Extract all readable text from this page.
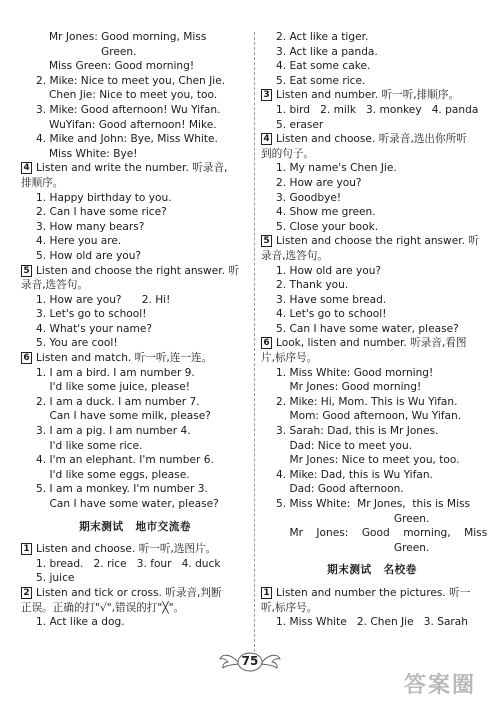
Mr Jones: Good morning, Miss
Green.
Miss Green: Good morning!
2. Mike: Nice to meet you, Chen Jie.
Chen Jie: Nice to meet you, too.
3. Mike: Good afternoon! Wu Yifan.
WuYifan: Good afternoon! Mike.
4. Mike and John: Bye, Miss White.
Miss White: Bye!
4 Listen and write the number. 听录音,
排顺序。
1. Happy birthday to you.
2. Can I have some rice?
3. How many bears?
4. Here you are.
5. How old are you?
5 Listen and choose the right answer. 听
录音,选答句。
1. How are you?      2. Hi!
3. Let's go to school!
4. What's your name?
5. You are cool!
6 Listen and match. 听一听,连一连。
1. I am a bird. I am number 9.
I'd like some juice, please!
2. I am a duck. I am number 7.
Can I have some milk, please?
3. I am a pig. I am number 4.
I'd like some rice.
4. I'm an elephant. I'm number 6.
I'd like some eggs, please.
5. I am a monkey. I'm number 3.
Can I have some water, please?
期末测试 地市交流卷
1 Listen and choose. 听一听,选图片。
1. bread.   2. rice   3. four   4. duck
5. juice
2 Listen and tick or cross. 听录音,判断
正误。正确的打"√",错误的打"╳"。
1. Act like a dog.
2. Act like a tiger.
3. Act like a panda.
4. Eat some cake.
5. Eat some rice.
3 Listen and number. 听一听,排顺序。
1. bird   2. milk   3. monkey   4. panda
5. eraser
4 Listen and choose. 听录音,选出你所听
到的句子。
1. My name's Chen Jie.
2. How are you?
3. Goodbye!
4. Show me green.
5. Close your book.
5 Listen and choose the right answer. 听
录音,选答句。
1. How old are you?
2. Thank you.
3. Have some bread.
4. Let's go to school!
5. Can I have some water, please?
6 Look, listen and number. 听录音,看图
片,标序号。
1. Miss White: Good morning!
Mr Jones: Good morning!
2. Mike: Hi, Mom. This is Wu Yifan.
Mom: Good afternoon, Wu Yifan.
3. Sarah: Dad, this is Mr Jones.
Dad: Nice to meet you.
Mr Jones: Nice to meet you, too.
4. Mike: Dad, this is Wu Yifan.
Dad: Good afternoon.
5. Miss White:  Mr Jones,  this is Miss
Green.
Mr    Jones:    Good    morning,    Miss
Green.
期末测试 名校卷
1 Listen and number the pictures. 听一
听,标序号。
1. Miss White   2. Chen Jie   3. Sarah
75
答案圈
